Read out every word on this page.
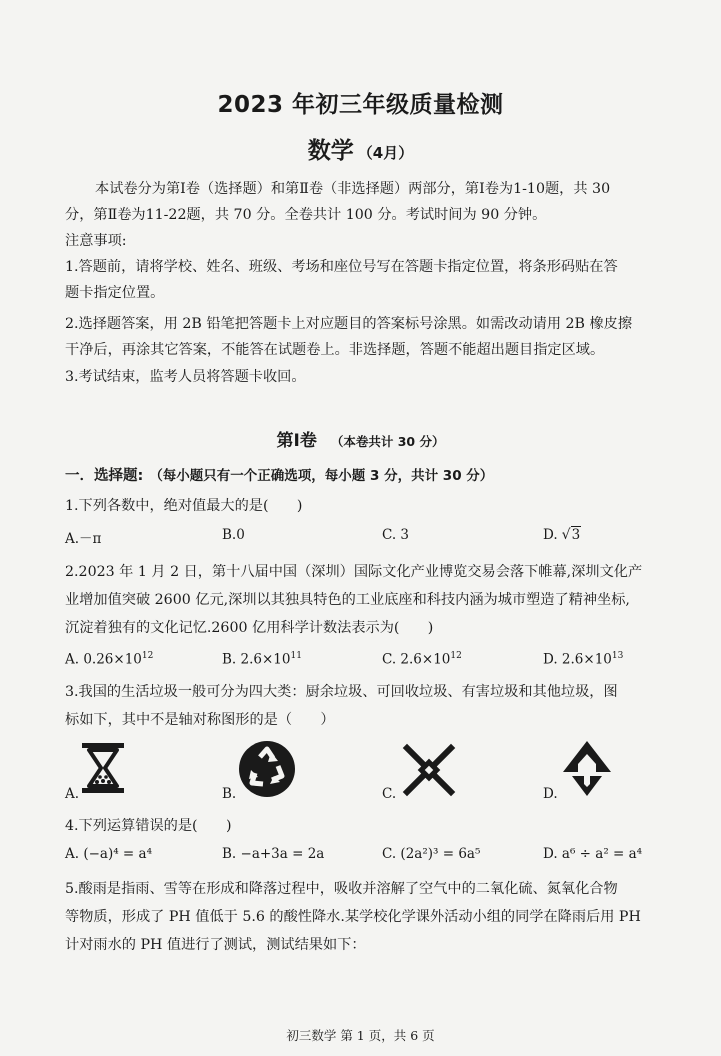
2023 年初三年级质量检测
数学 （4月）
本试卷分为第Ⅰ卷（选择题）和第Ⅱ卷（非选择题）两部分，第Ⅰ卷为1-10题，共 30
分，第Ⅱ卷为11-22题，共 70 分。全卷共计 100 分。考试时间为 90 分钟。
注意事项:
1.答题前，请将学校、姓名、班级、考场和座位号写在答题卡指定位置，将条形码贴在答
题卡指定位置。
2.选择题答案，用 2B 铅笔把答题卡上对应题目的答案标号涂黑。如需改动请用 2B 橡皮擦
干净后，再涂其它答案，不能答在试题卷上。非选择题，答题不能超出题目指定区域。
3.考试结束，监考人员将答题卡收回。
第Ⅰ卷 （本卷共计 30 分）
一．选择题: （每小题只有一个正确选项，每小题 3 分，共计 30 分）
1.下列各数中，绝对值最大的是(　　)
A.－π	B.0	C. 3	D. √3
2.2023 年 1 月 2 日，第十八届中国（深圳）国际文化产业博览交易会落下帷幕,深圳文化产
业增加值突破 2600 亿元,深圳以其独具特色的工业底座和科技内涵为城市塑造了精神坐标,
沉淀着独有的文化记忆.2600 亿用科学计数法表示为(　　)
A. $0.26\times 10^{12}$	B. $2.6\times 10^{11}$	C. $2.6\times 10^{12}$	D. $2.6\times 10^{13}$
3.我国的生活垃圾一般可分为四大类：厨余垃圾、可回收垃圾、有害垃圾和其他垃圾，图
标如下，其中不是轴对称图形的是（　　）
A.	B.	C.	D.
4.下列运算错误的是(　　)
A. (−a)⁴ = a⁴	B. −a+3a = 2a	C. (2a²)³ = 6a⁵	D. a⁶ ÷ a² = a⁴
5.酸雨是指雨、雪等在形成和降落过程中，吸收并溶解了空气中的二氧化硫、氮氧化合物
等物质，形成了 PH 值低于 5.6 的酸性降水.某学校化学课外活动小组的同学在降雨后用 PH
计对雨水的 PH 值进行了测试，测试结果如下：
初三数学 第 1 页，共 6 页
